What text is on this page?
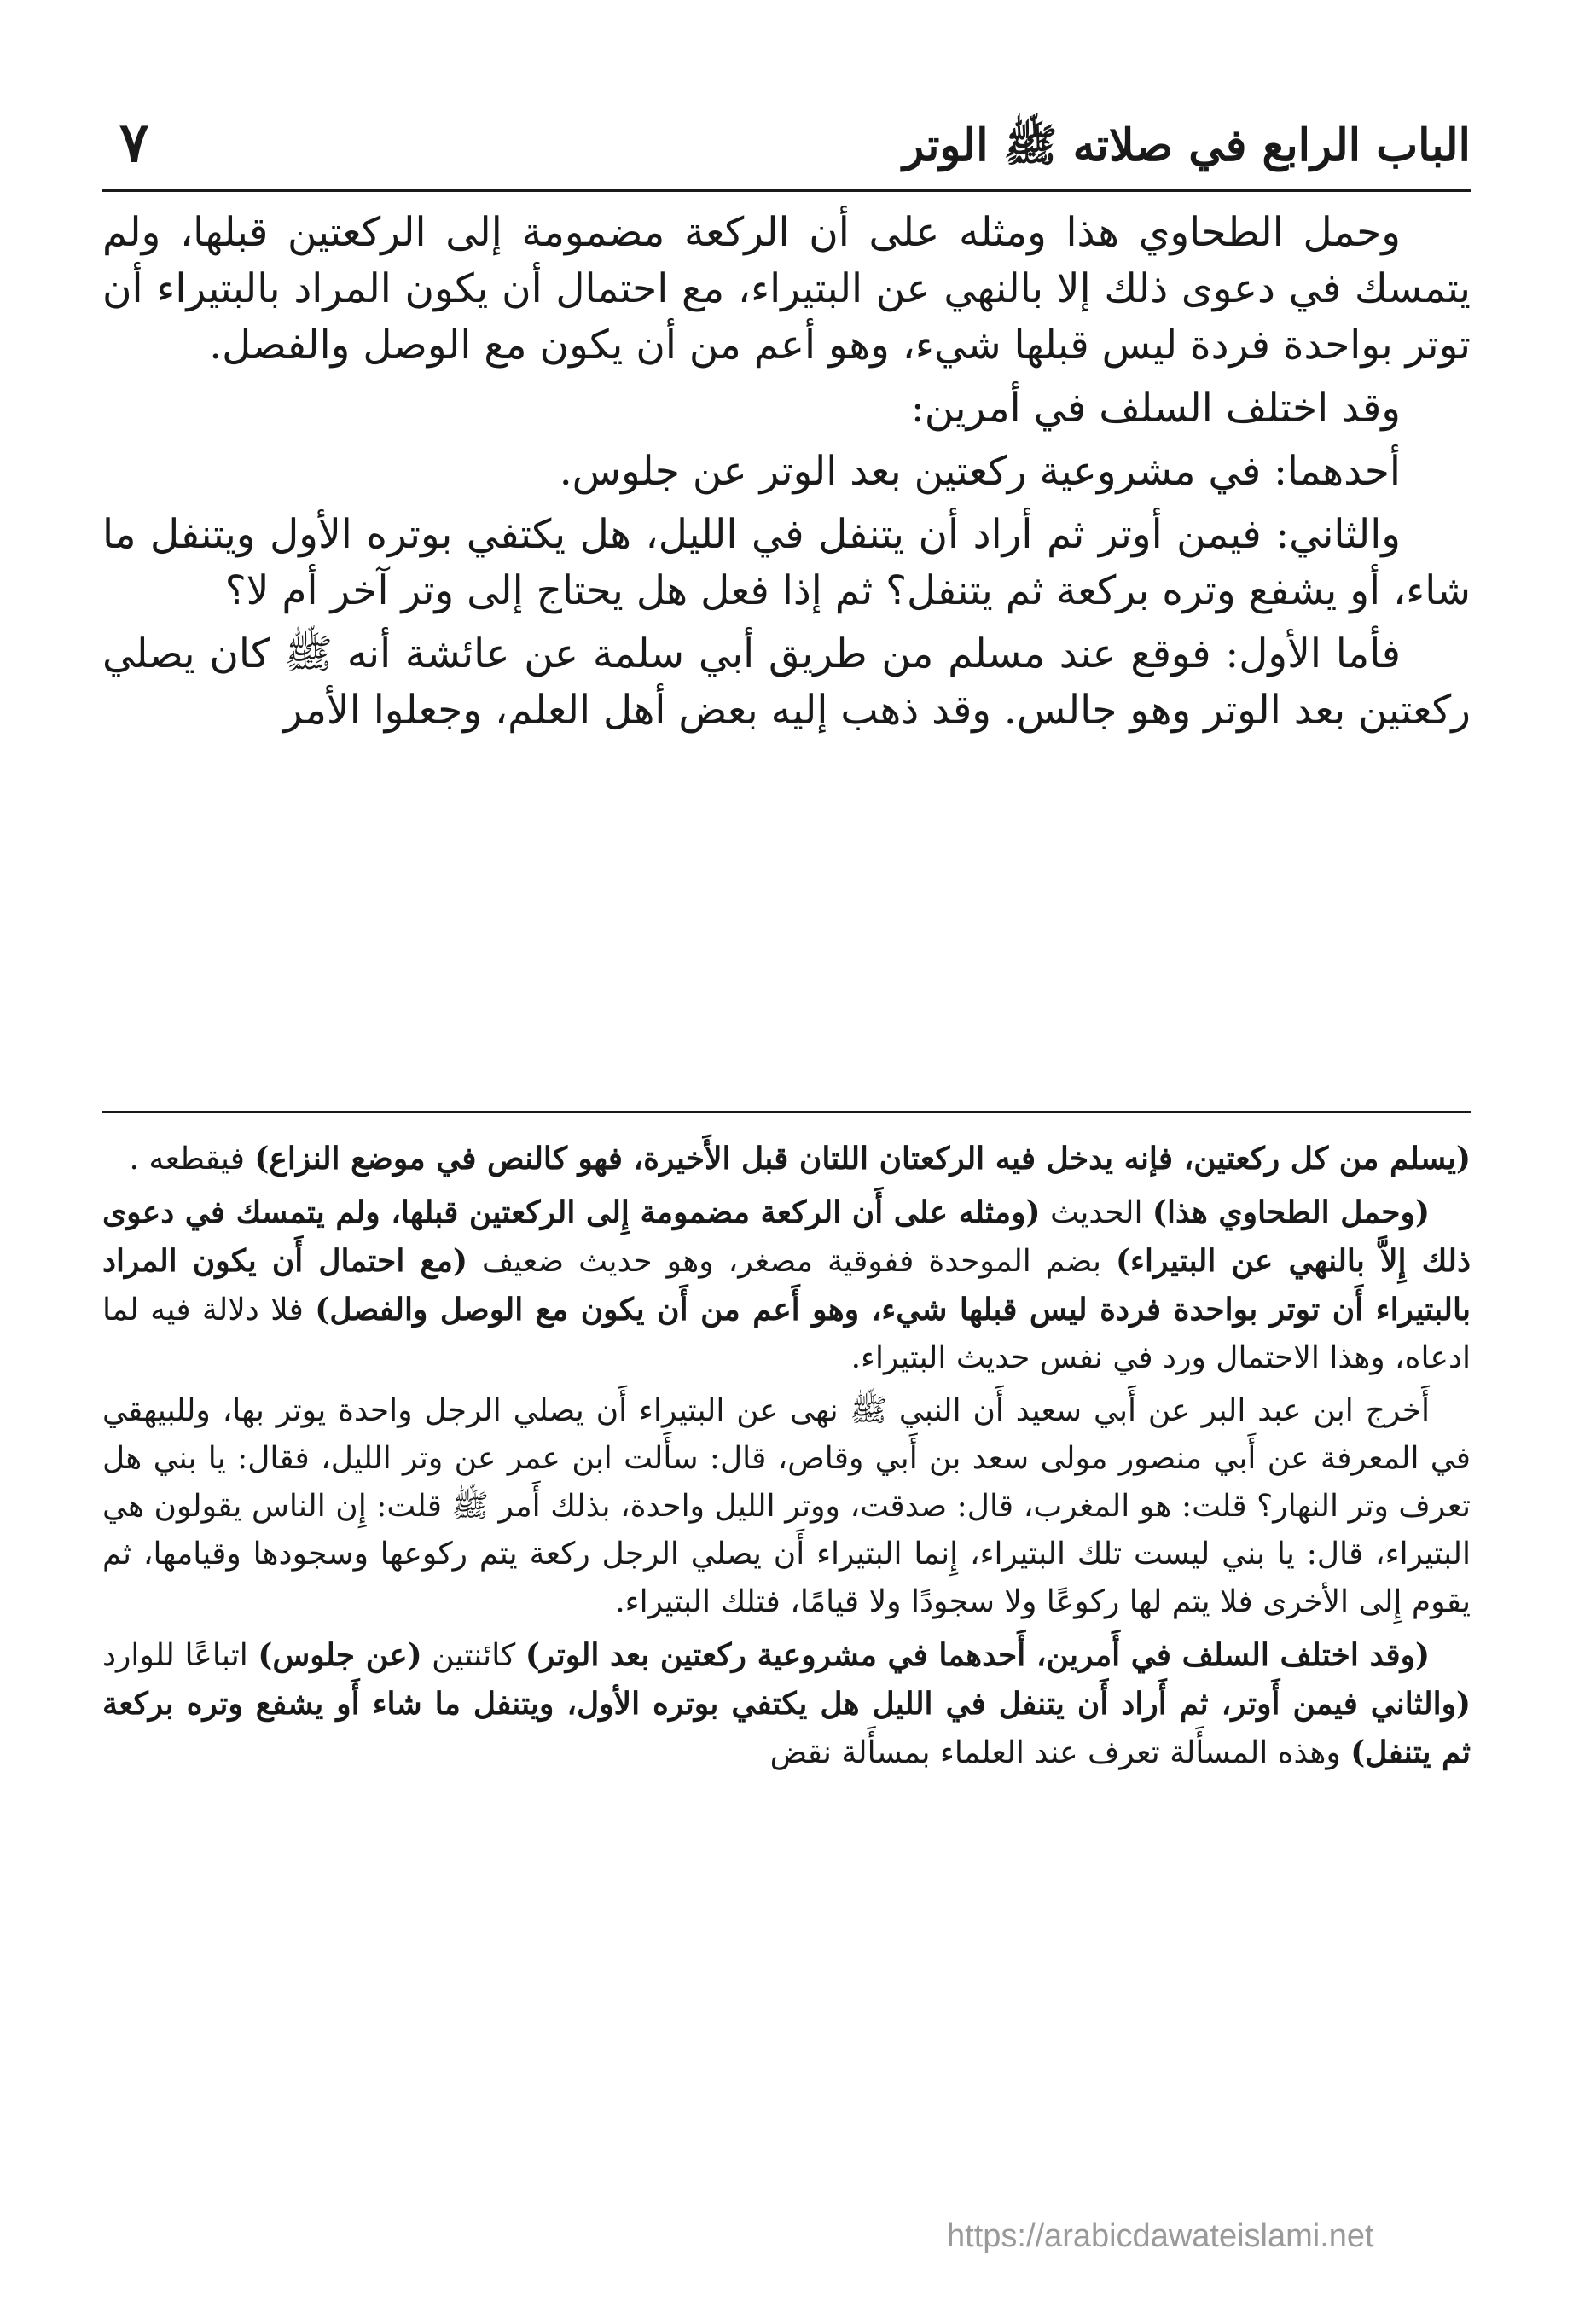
الباب الرابع في صلاته ﷺ الوتر
٧

وحمل الطحاوي هذا ومثله على أن الركعة مضمومة إلى الركعتين قبلها، ولم يتمسك في دعوى ذلك إلا بالنهي عن البتيراء، مع احتمال أن يكون المراد بالبتيراء أن توتر بواحدة فردة ليس قبلها شيء، وهو أعم من أن يكون مع الوصل والفصل.

وقد اختلف السلف في أمرين:

أحدهما: في مشروعية ركعتين بعد الوتر عن جلوس.

والثاني: فيمن أوتر ثم أراد أن يتنفل في الليل، هل يكتفي بوتره الأول ويتنفل ما شاء، أو يشفع وتره بركعة ثم يتنفل؟ ثم إذا فعل هل يحتاج إلى وتر آخر أم لا؟

فأما الأول: فوقع عند مسلم من طريق أبي سلمة عن عائشة أنه ﷺ كان يصلي ركعتين بعد الوتر وهو جالس. وقد ذهب إليه بعض أهل العلم، وجعلوا الأمر

(يسلم من كل ركعتين، فإنه يدخل فيه الركعتان اللتان قبل الأَخيرة، فهو كالنص في موضع النزاع) فيقطعه .

(وحمل الطحاوي هذا) الحديث (ومثله على أَن الركعة مضمومة إِلى الركعتين قبلها، ولم يتمسك في دعوى ذلك إِلاَّ بالنهي عن البتيراء) بضم الموحدة ففوقية مصغر، وهو حديث ضعيف (مع احتمال أَن يكون المراد بالبتيراء أَن توتر بواحدة فردة ليس قبلها شيء، وهو أَعم من أَن يكون مع الوصل والفصل) فلا دلالة فيه لما ادعاه، وهذا الاحتمال ورد في نفس حديث البتيراء.

أَخرج ابن عبد البر عن أَبي سعيد أَن النبي ﷺ نهى عن البتيراء أَن يصلي الرجل واحدة يوتر بها، وللبيهقي في المعرفة عن أَبي منصور مولى سعد بن أَبي وقاص، قال: سأَلت ابن عمر عن وتر الليل، فقال: يا بني هل تعرف وتر النهار؟ قلت: هو المغرب، قال: صدقت، ووتر الليل واحدة، بذلك أَمر ﷺ قلت: إِن الناس يقولون هي البتيراء، قال: يا بني ليست تلك البتيراء، إِنما البتيراء أَن يصلي الرجل ركعة يتم ركوعها وسجودها وقيامها، ثم يقوم إِلى الأخرى فلا يتم لها ركوعًا ولا سجودًا ولا قيامًا، فتلك البتيراء.

(وقد اختلف السلف في أَمرين، أَحدهما في مشروعية ركعتين بعد الوتر) كائنتين (عن جلوس) اتباعًا للوارد (والثاني فيمن أَوتر، ثم أَراد أَن يتنفل في الليل هل يكتفي بوتره الأول، ويتنفل ما شاء أَو يشفع وتره بركعة ثم يتنفل) وهذه المسأَلة تعرف عند العلماء بمسأَلة نقض

https://arabicdawateislami.net
